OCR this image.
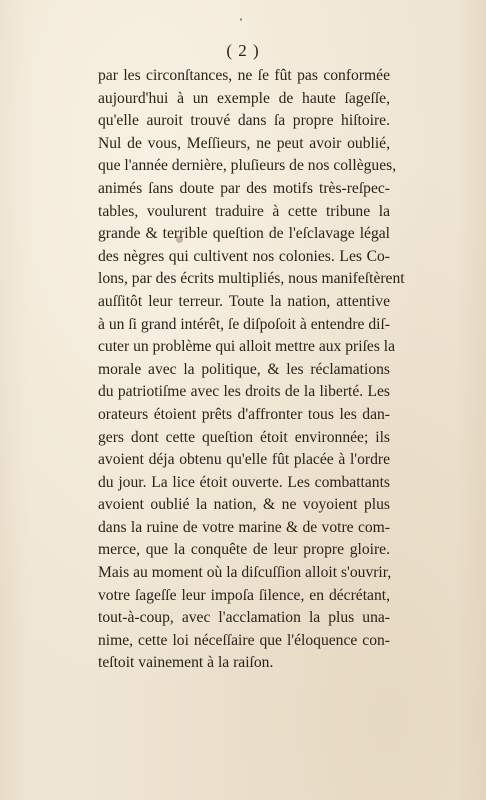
( 2 )
par les circonſtances, ne ſe fût pas conformée
aujourd'hui à un exemple de haute ſageſſe,
qu'elle auroit trouvé dans ſa propre hiſtoire.
Nul de vous, Meſſieurs, ne peut avoir oublié,
que l'année dernière, pluſieurs de nos collègues,
animés ſans doute par des motifs très-reſpec-
tables, voulurent traduire à cette tribune la
grande & terrible queſtion de l'eſclavage légal
des nègres qui cultivent nos colonies. Les Co-
lons, par des écrits multipliés, nous manifeſtèrent
auſſitôt leur terreur. Toute la nation, attentive
à un ſi grand intérêt, ſe diſpoſoit à entendre diſ-
cuter un problème qui alloit mettre aux priſes la
morale avec la politique, & les réclamations
du patriotiſme avec les droits de la liberté. Les
orateurs étoient prêts d'affronter tous les dan-
gers dont cette queſtion étoit environnée; ils
avoient déja obtenu qu'elle fût placée à l'ordre
du jour. La lice étoit ouverte. Les combattants
avoient oublié la nation, & ne voyoient plus
dans la ruine de votre marine & de votre com-
merce, que la conquête de leur propre gloire.
Mais au moment où la diſcuſſion alloit s'ouvrir,
votre ſageſſe leur impoſa ſilence, en décrétant,
tout-à-coup, avec l'acclamation la plus una-
nime, cette loi néceſſaire que l'éloquence con-
teſtoit vainement à la raiſon.
